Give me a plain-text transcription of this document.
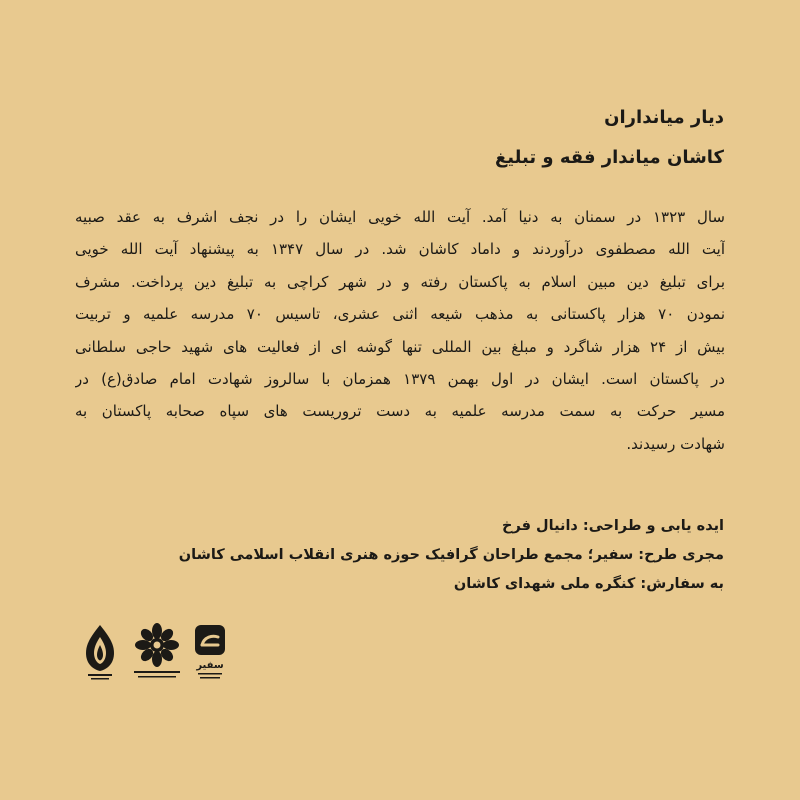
دیار میانداران
کاشان میاندار فقه و تبلیغ
سال ۱۳۲۳ در سمنان به دنیا آمد. آیت الله خویی ایشان را در نجف اشرف به عقد صبیه
آیت الله مصطفوی درآوردند و داماد کاشان شد. در سال ۱۳۴۷ به پیشنهاد آیت الله خویی
برای تبلیغ دین مبین اسلام به پاکستان رفته و در شهر کراچی به تبلیغ دین پرداخت. مشرف
نمودن ۷۰ هزار پاکستانی به مذهب شیعه اثنی عشری، تاسیس ۷۰ مدرسه علمیه و تربیت
بیش از ۲۴ هزار شاگرد و مبلغ بین المللی تنها گوشه ای از فعالیت های شهید حاجی سلطانی
در پاکستان است. ایشان در اول بهمن ۱۳۷۹ همزمان با سالروز شهادت امام صادق(ع) در
مسیر حرکت به سمت مدرسه علمیه به دست تروریست های سپاه صحابه پاکستان به
شهادت رسیدند.
ایده یابی و طراحی: دانیال فرخ
مجری طرح: سفیر؛ مجمع طراحان گرافیک حوزه هنری انقلاب اسلامی کاشان
به سفارش: کنگره ملی شهدای کاشان
سفیر
